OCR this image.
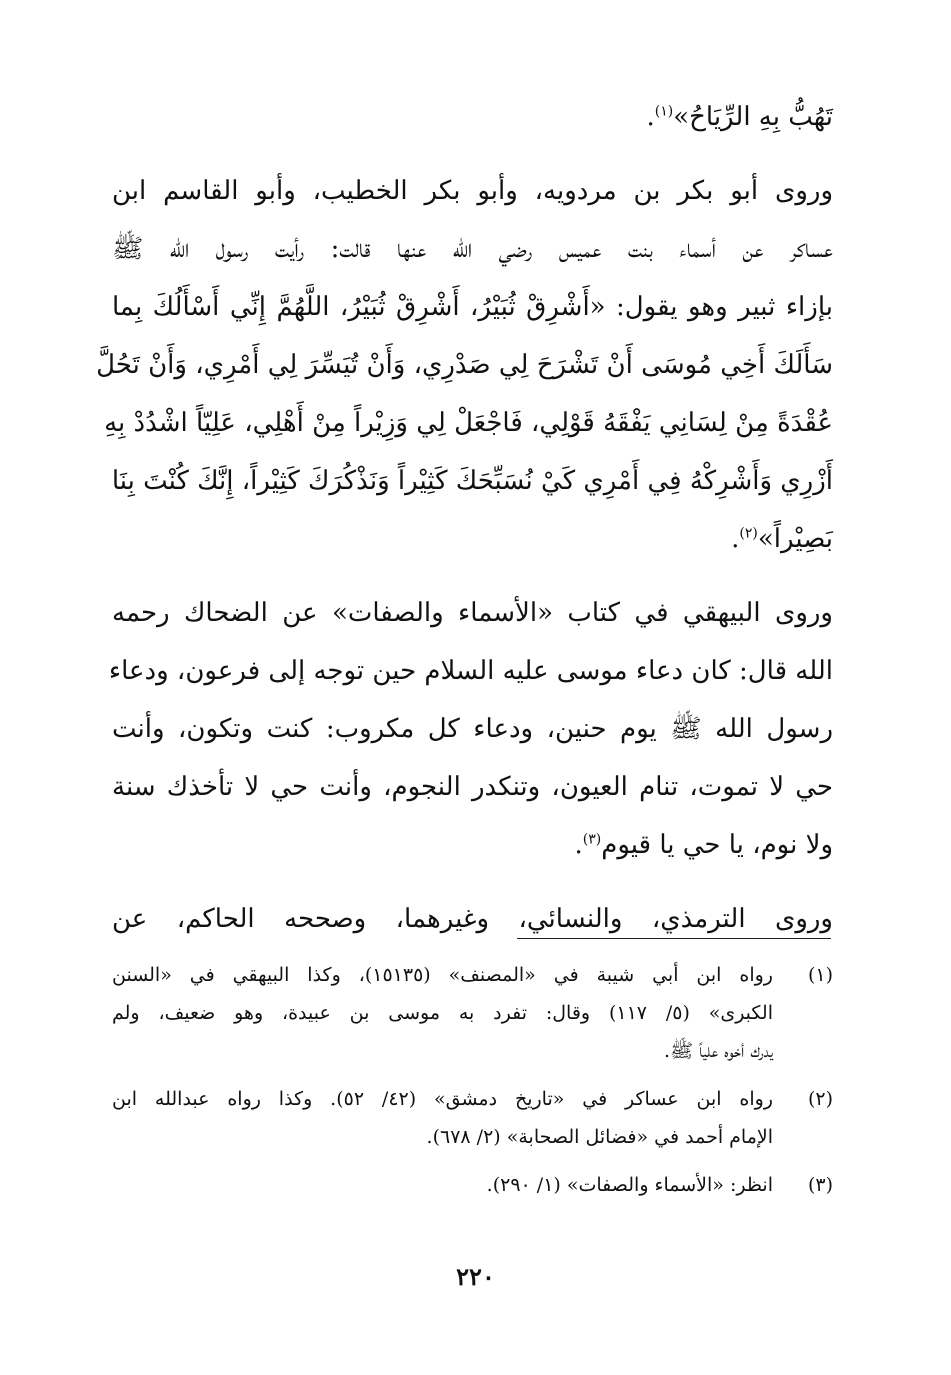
تَهُبُّ بِهِ الرِّيَاحُ»$^{(١)}$.
وروى أبو بكر بن مردويه، وأبو بكر الخطيب، وأبو القاسم ابن
عساكر عن أسماء بنت عميس رضي الله عنها قالت: رأيت رسول الله ﷺ
بإزاء ثبير وهو يقول: «أَشْرِقْ ثُبَيْرُ، أَشْرِقْ ثُبَيْرُ، اللَّهُمَّ إِنِّي أَسْأَلُكَ بِما
سَأَلَكَ أَخِي مُوسَى أَنْ تَشْرَحَ لِي صَدْرِي، وَأَنْ تُيَسِّرَ لِي أَمْرِي، وَأَنْ تَحُلَّ
عُقْدَةً مِنْ لِسَانِي يَفْقَهُ قَوْلِي، فَاجْعَلْ لِي وَزِيْراً مِنْ أَهْلِي، عَلِيّاً اشْدُدْ بِهِ
أَزْرِي وَأَشْرِكْهُ فِي أَمْرِي كَيْ نُسَبِّحَكَ كَثِيْراً وَنَذْكُرَكَ كَثِيْراً، إِنَّكَ كُنْتَ بِنَا
بَصِيْراً»$^{(٢)}$.
وروى البيهقي في كتاب «الأسماء والصفات» عن الضحاك رحمه
الله قال: كان دعاء موسى عليه السلام حين توجه إلى فرعون، ودعاء
رسول الله ﷺ يوم حنين، ودعاء كل مكروب: كنت وتكون، وأنت
حي لا تموت، تنام العيون، وتنكدر النجوم، وأنت حي لا تأخذك سنة
ولا نوم، يا حي يا قيوم$^{(٣)}$.
وروى الترمذي، والنسائي، وغيرهما، وصححه الحاكم، عن
(١)
رواه ابن أبي شيبة في «المصنف» (١٥١٣٥)، وكذا البيهقي في «السنن
الكبرى» (٥/ ١١٧) وقال: تفرد به موسى بن عبيدة، وهو ضعيف، ولم
يدرك أخوه علياً ﷺ.
(٢)
رواه ابن عساكر في «تاريخ دمشق» (٤٢/ ٥٢). وكذا رواه عبدالله ابن
الإمام أحمد في «فضائل الصحابة» (٢/ ٦٧٨).
(٣)
انظر: «الأسماء والصفات» (١/ ٢٩٠).
٢٢٠
